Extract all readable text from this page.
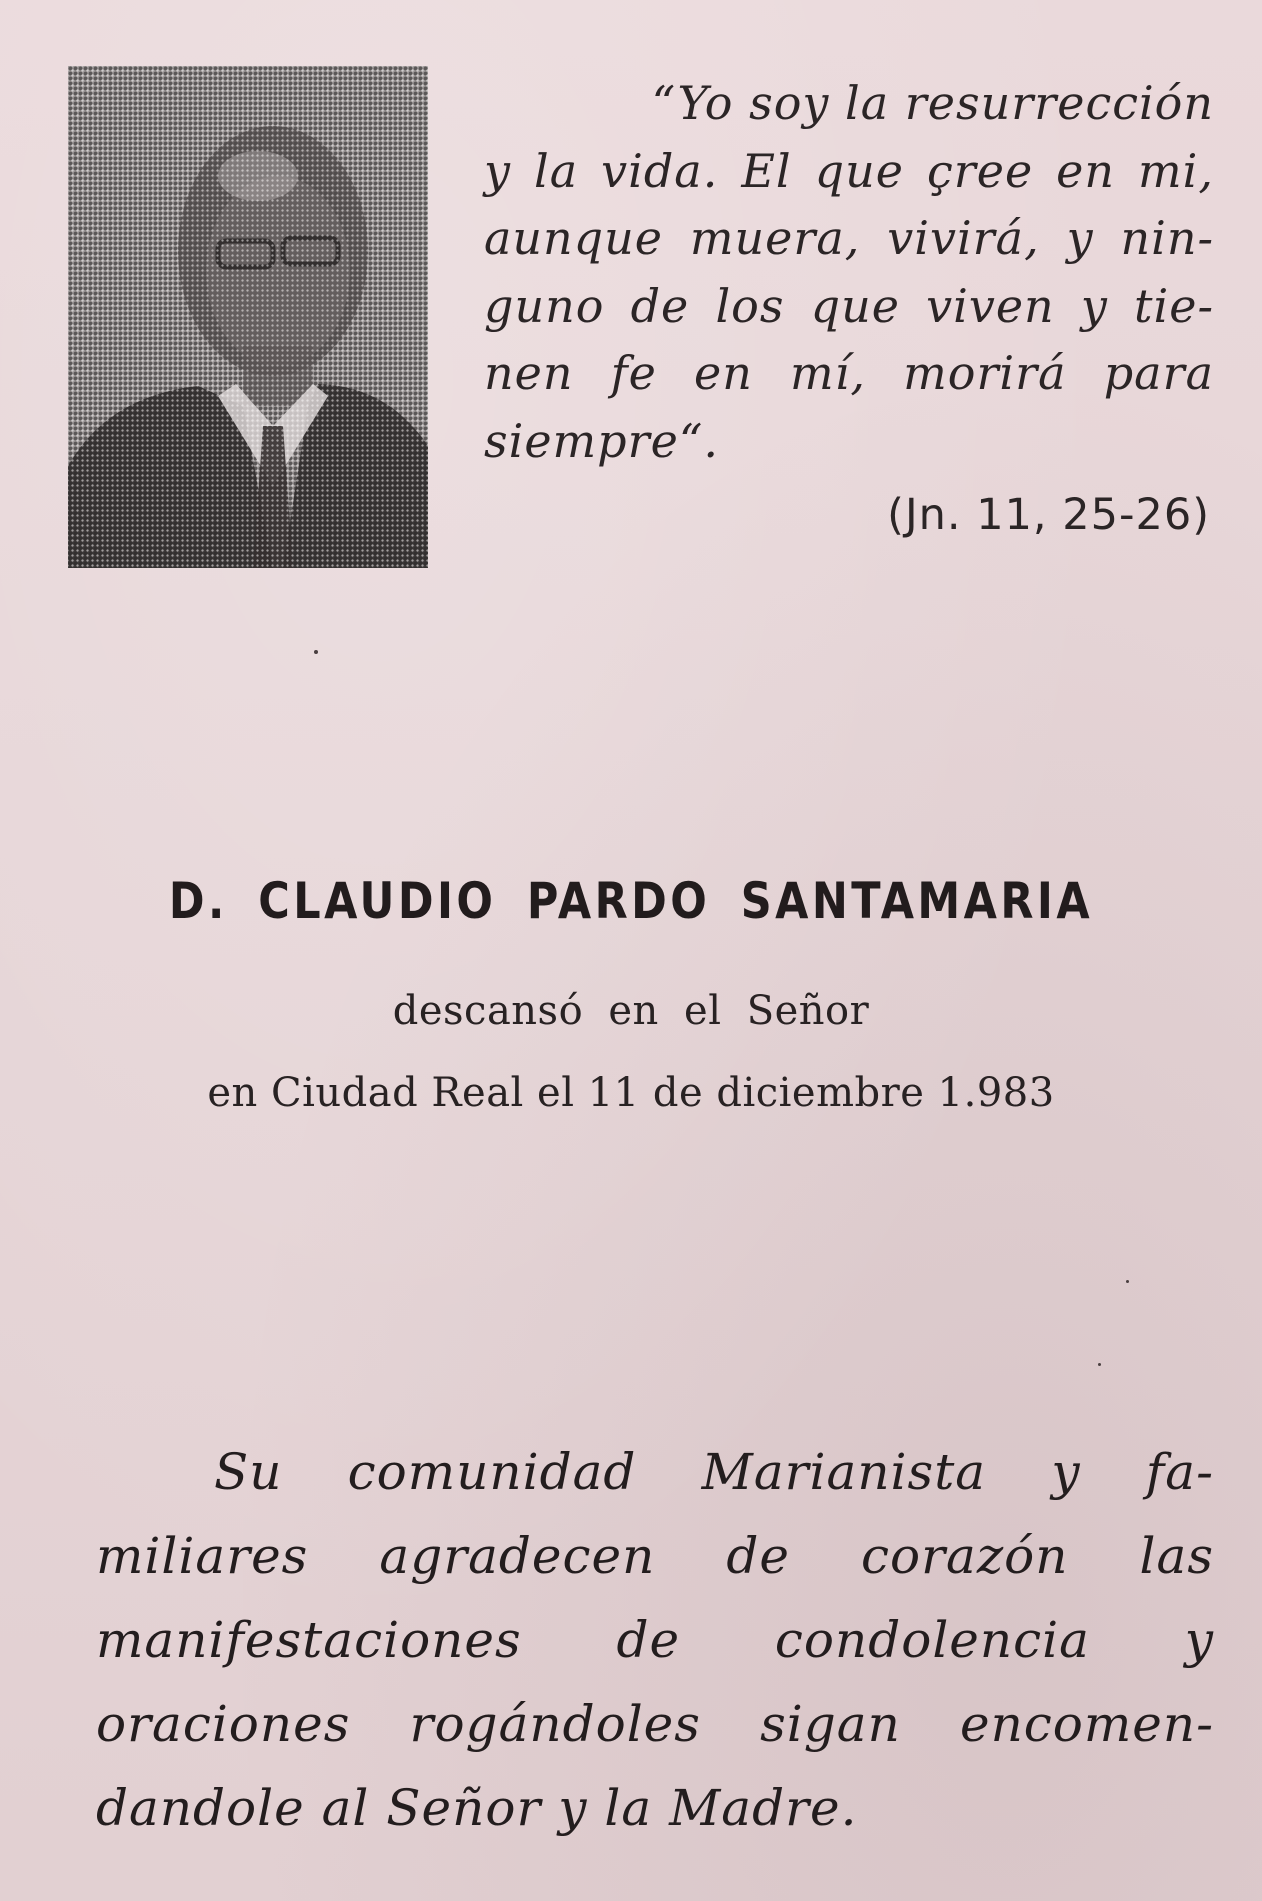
“Yo soy la resurrección
y la vida. El que çree en mi,
aunque muera, vivirá, y nin-
guno de los que viven y tie-
nen fe en mí, morirá para
siempre“.
(Jn. 11, 25-26)
D. CLAUDIO PARDO SANTAMARIA
descansó en el Señor
en Ciudad Real el 11 de diciembre 1.983
Su comunidad Marianista y fa-
miliares agradecen de corazón las
manifestaciones de condolencia y
oraciones rogándoles sigan encomen-
dandole al Señor y la Madre.
